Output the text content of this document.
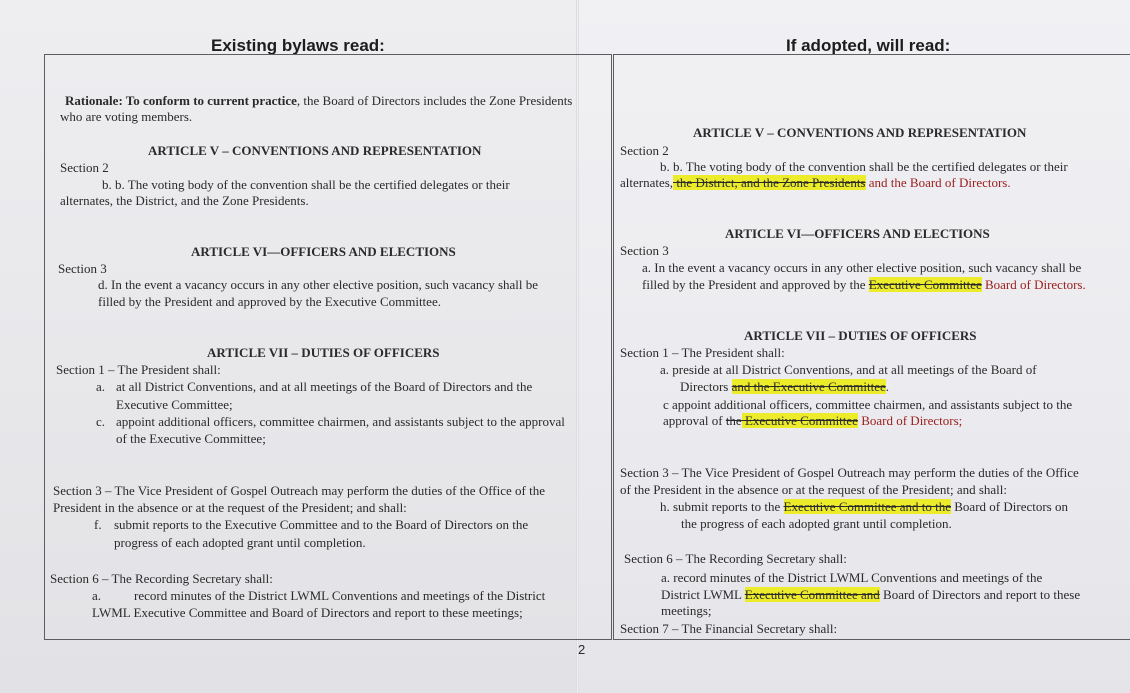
Existing bylaws read:	If adopted, will read:
Rationale: To conform to current practice, the Board of Directors includes the Zone Presidents
who are voting members.
ARTICLE V – CONVENTIONS AND REPRESENTATION
Section 2
b. b. The voting body of the convention shall be the certified delegates or their
alternates, the District, and the Zone Presidents.
ARTICLE VI—OFFICERS AND ELECTIONS
Section 3
d. In the event a vacancy occurs in any other elective position, such vacancy shall be
filled by the President and approved by the Executive Committee.
ARTICLE VII – DUTIES OF OFFICERS
Section 1 – The President shall:
a. at all District Conventions, and at all meetings of the Board of Directors and the
Executive Committee;
c. appoint additional officers, committee chairmen, and assistants subject to the approval
of the Executive Committee;
Section 3 – The Vice President of Gospel Outreach may perform the duties of the Office of the
President in the absence or at the request of the President; and shall:
f. submit reports to the Executive Committee and to the Board of Directors on the
progress of each adopted grant until completion.
Section 6 – The Recording Secretary shall:
a.	record minutes of the District LWML Conventions and meetings of the District
LWML Executive Committee and Board of Directors and report to these meetings;
ARTICLE V – CONVENTIONS AND REPRESENTATION
Section 2
b. b. The voting body of the convention shall be the certified delegates or their
alternates, the District, and the Zone Presidents and the Board of Directors.
ARTICLE VI—OFFICERS AND ELECTIONS
Section 3
a. In the event a vacancy occurs in any other elective position, such vacancy shall be
filled by the President and approved by the Executive Committee Board of Directors.
ARTICLE VII – DUTIES OF OFFICERS
Section 1 – The President shall:
a. preside at all District Conventions, and at all meetings of the Board of
Directors and the Executive Committee.
c appoint additional officers, committee chairmen, and assistants subject to the
approval of the Executive Committee Board of Directors;
Section 3 – The Vice President of Gospel Outreach may perform the duties of the Office
of the President in the absence or at the request of the President; and shall:
h. submit reports to the Executive Committee and to the Board of Directors on
the progress of each adopted grant until completion.
Section 6 – The Recording Secretary shall:
a. record minutes of the District LWML Conventions and meetings of the
District LWML Executive Committee and Board of Directors and report to these
meetings;
Section 7 – The Financial Secretary shall:
2
